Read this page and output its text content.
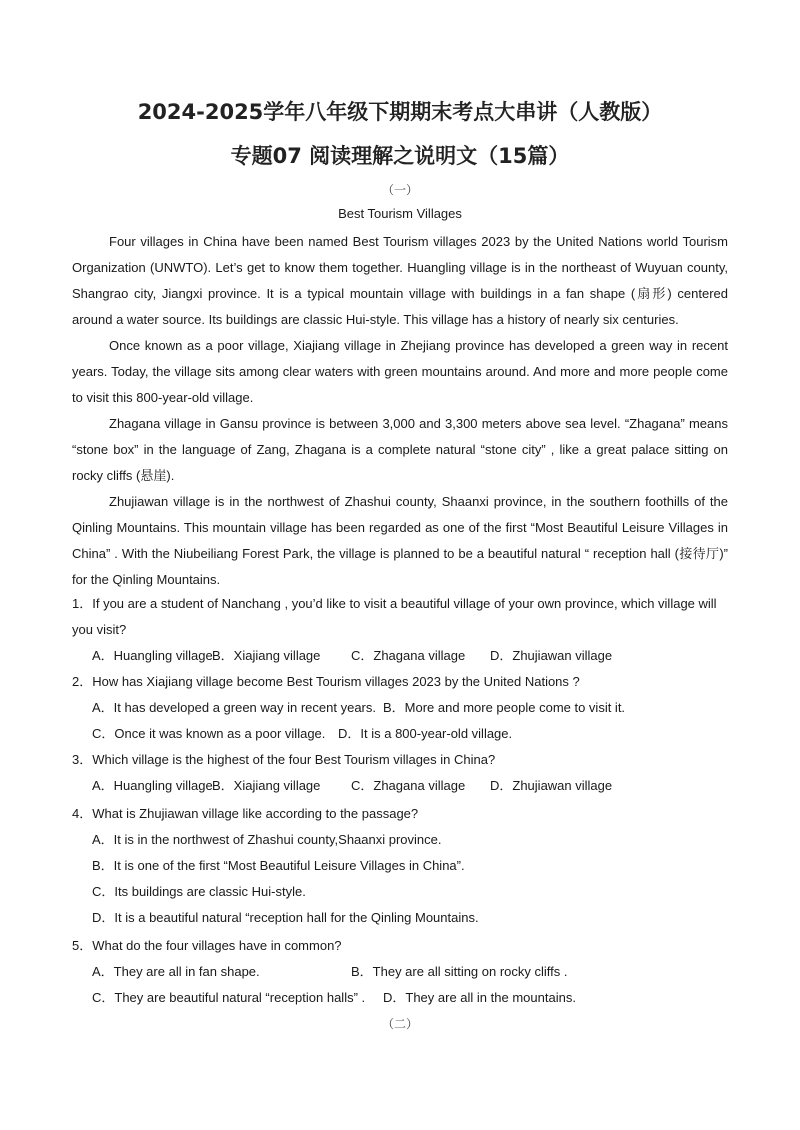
2024-2025学年八年级下期期末考点大串讲（人教版）
专题07 阅读理解之说明文（15篇）
（一）
Best Tourism Villages

Four villages in China have been named Best Tourism villages 2023 by the United Nations world Tourism Organization (UNWTO). Let’s get to know them together. Huangling village is in the northeast of Wuyuan county, Shangrao city, Jiangxi province. It is a typical mountain village with buildings in a fan shape (扇形) centered around a water source. Its buildings are classic Hui-style. This village has a history of nearly six centuries.

Once known as a poor village, Xiajiang village in Zhejiang province has developed a green way in recent years. Today, the village sits among clear waters with green mountains around. And more and more people come to visit this 800-year-old village.

Zhagana village in Gansu province is between 3,000 and 3,300 meters above sea level. “Zhagana” means “stone box” in the language of Zang, Zhagana is a complete natural “stone city” , like a great palace sitting on rocky cliffs (悬崖).

Zhujiawan village is in the northwest of Zhashui county, Shaanxi province, in the southern foothills of the Qinling Mountains. This mountain village has been regarded as one of the first “Most Beautiful Leisure Villages in China” . With the Niubeiliang Forest Park, the village is planned to be a beautiful natural “ reception hall (接待厅)” for the Qinling Mountains.

1．If you are a student of Nanchang , you’d like to visit a beautiful village of your own province, which village will you visit?

A．Huangling village B．Xiajiang village C．Zhagana village D．Zhujiawan village

2．How has Xiajiang village become Best Tourism villages 2023 by the United Nations ?

A．It has developed a green way in recent years. B．More and more people come to visit it.
C．Once it was known as a poor village. D．It is a 800-year-old village.

3．Which village is the highest of the four Best Tourism villages in China?

A．Huangling village B．Xiajiang village C．Zhagana village D．Zhujiawan village

4．What is Zhujiawan village like according to the passage?

A．It is in the northwest of Zhashui county,Shaanxi province.
B．It is one of the first “Most Beautiful Leisure Villages in China”.
C．Its buildings are classic Hui-style.
D．It is a beautiful natural “reception hall for the Qinling Mountains.

5．What do the four villages have in common?

A．They are all in fan shape.	B．They are all sitting on rocky cliffs .
C．They are beautiful natural “reception halls” . D．They are all in the mountains.
（二）
